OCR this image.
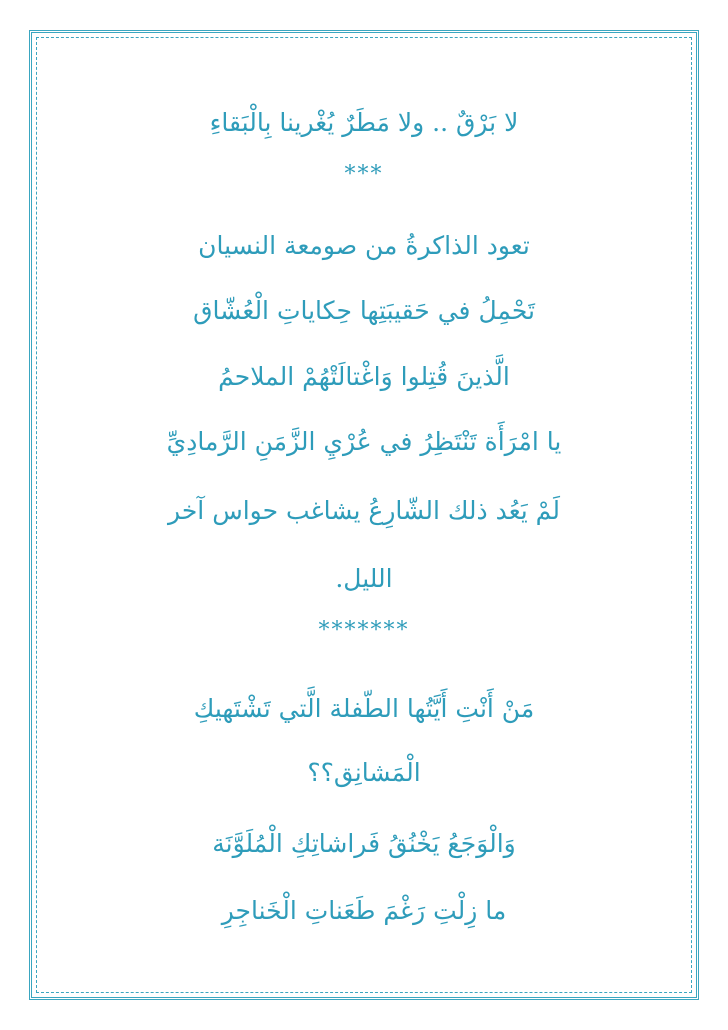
لا بَرْقٌ .. ولا مَطَرٌ يُغْرينا بِالْبَقاءِ
***
تعود الذاكرةُ من صومعة النسيان
تَحْمِلُ في حَقيبَتِها حِكاياتِ الْعُشّاق
الَّذينَ قُتِلوا وَاغْتالَتْهُمْ الملاحمُ
يا امْرَأَة تَنْتَظِرُ في عُرْيِ الزَّمَنِ الرَّمادِيِّ
لَمْ يَعُد ذلك الشّارِعُ يشاغب حواس آخر
الليل.
*******
مَنْ أَنْتِ أَيَّتُها الطّفلة الَّتي تَشْتَهيكِ
الْمَشانِق؟؟
وَالْوَجَعُ يَخْنُقُ فَراشاتِكِ الْمُلَوَّنَة
ما زِلْتِ رَغْمَ طَعَناتِ الْخَناجِرِ
